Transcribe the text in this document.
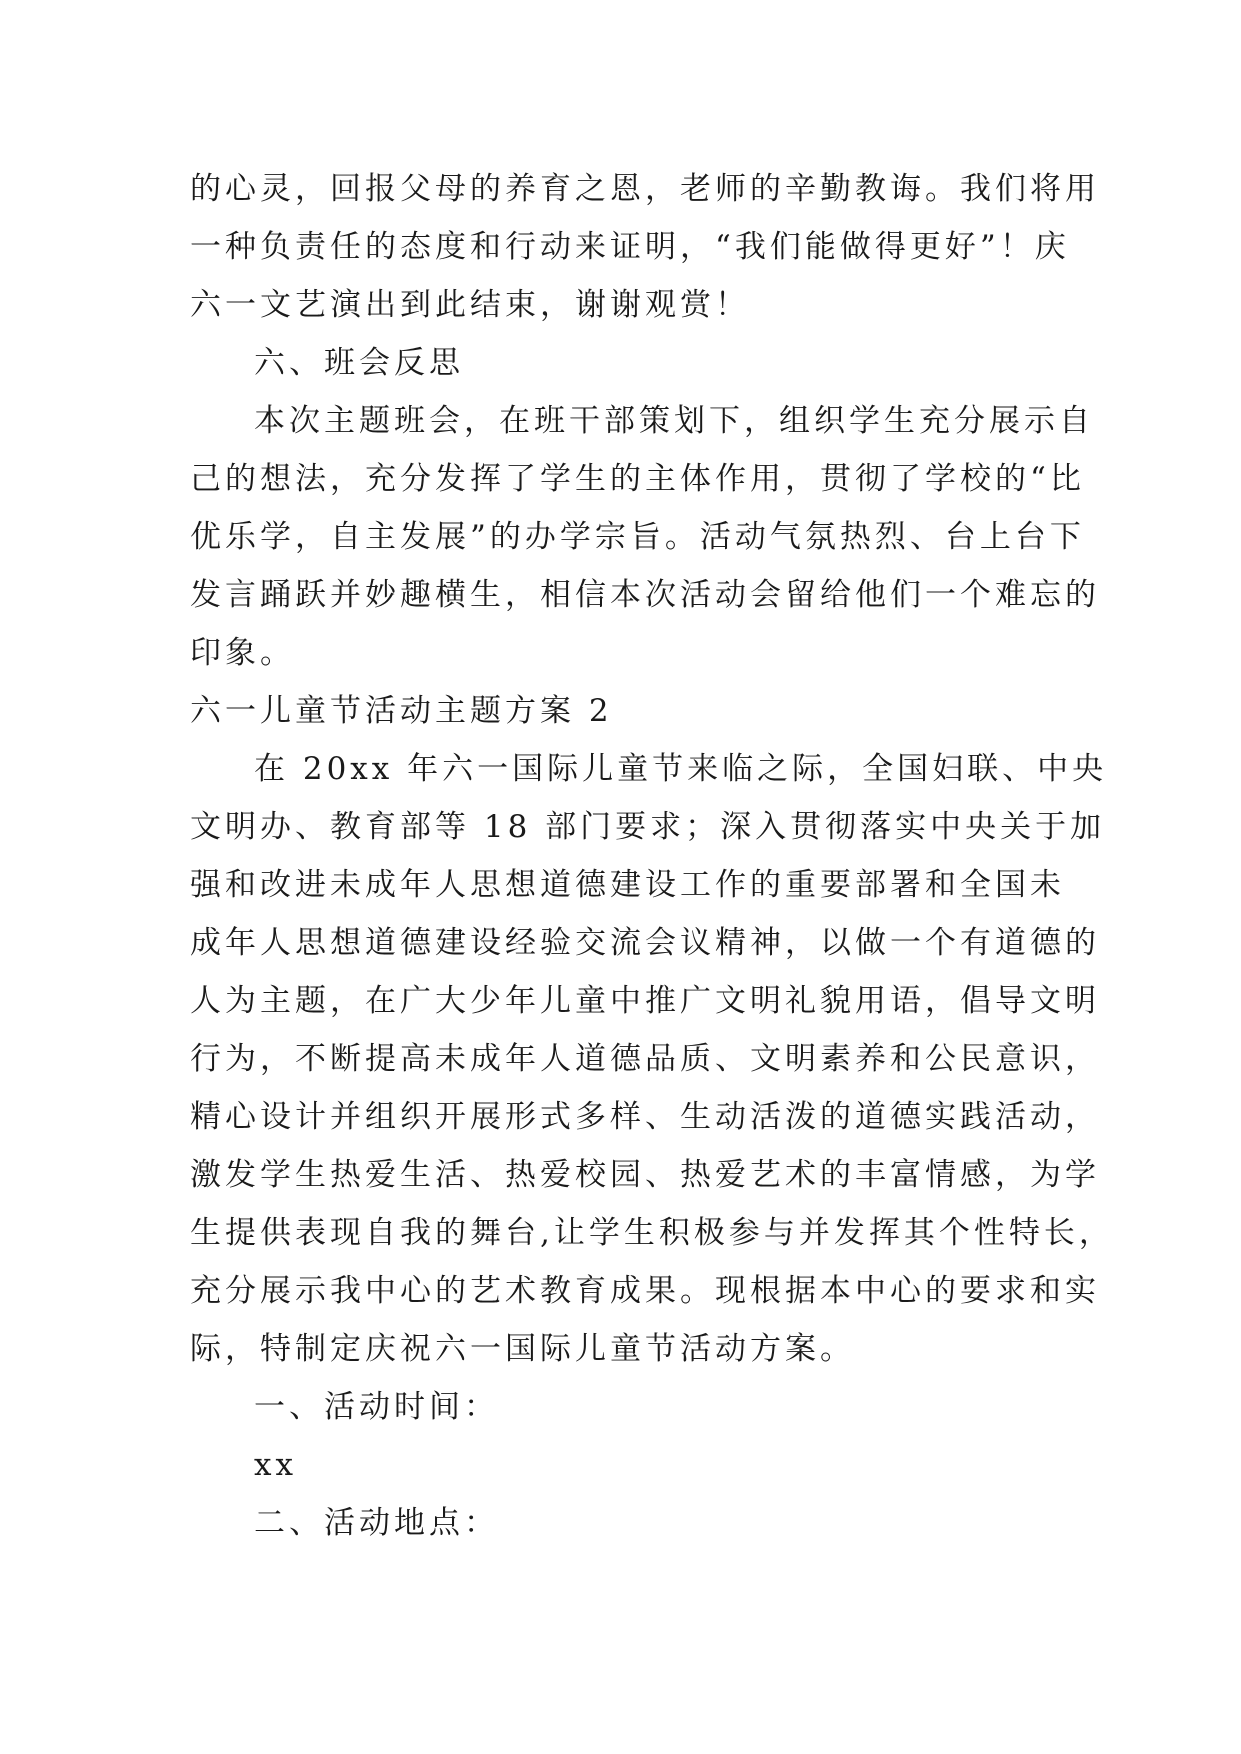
的心灵，回报父母的养育之恩，老师的辛勤教诲。我们将用
一种负责任的态度和行动来证明，“我们能做得更好”！庆
六一文艺演出到此结束，谢谢观赏！
六、班会反思
本次主题班会，在班干部策划下，组织学生充分展示自
己的想法，充分发挥了学生的主体作用，贯彻了学校的“比
优乐学，自主发展”的办学宗旨。活动气氛热烈、台上台下
发言踊跃并妙趣横生，相信本次活动会留给他们一个难忘的
印象。
六一儿童节活动主题方案 2
在 20xx 年六一国际儿童节来临之际，全国妇联、中央
文明办、教育部等 18 部门要求；深入贯彻落实中央关于加
强和改进未成年人思想道德建设工作的重要部署和全国未
成年人思想道德建设经验交流会议精神，以做一个有道德的
人为主题，在广大少年儿童中推广文明礼貌用语，倡导文明
行为，不断提高未成年人道德品质、文明素养和公民意识，
精心设计并组织开展形式多样、生动活泼的道德实践活动，
激发学生热爱生活、热爱校园、热爱艺术的丰富情感，为学
生提供表现自我的舞台,让学生积极参与并发挥其个性特长，
充分展示我中心的艺术教育成果。现根据本中心的要求和实
际，特制定庆祝六一国际儿童节活动方案。
一、活动时间：
xx
二、活动地点：
